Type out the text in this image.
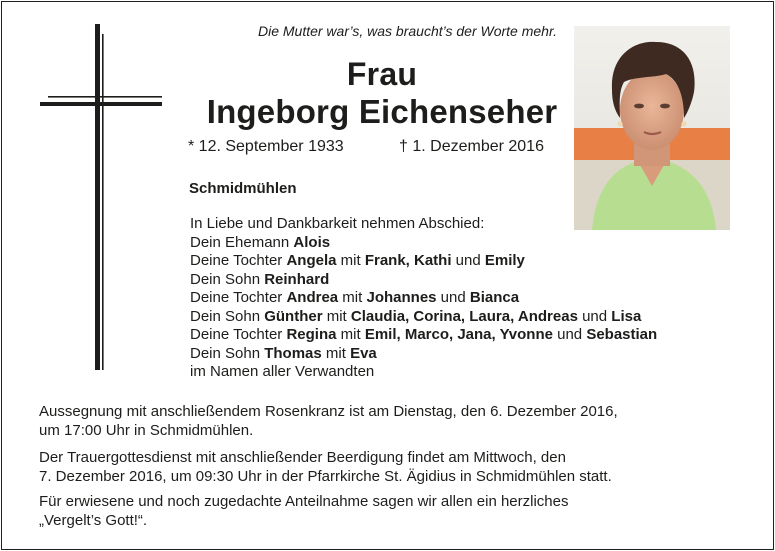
Die Mutter war’s, was braucht’s der Worte mehr.
Frau
Ingeborg Eichenseher
* 12. September 1933	† 1. Dezember 2016
Schmidmühlen
In Liebe und Dankbarkeit nehmen Abschied:
Dein Ehemann Alois
Deine Tochter Angela mit Frank, Kathi und Emily
Dein Sohn Reinhard
Deine Tochter Andrea mit Johannes und Bianca
Dein Sohn Günther mit Claudia, Corina, Laura, Andreas und Lisa
Deine Tochter Regina mit Emil, Marco, Jana, Yvonne und Sebastian
Dein Sohn Thomas mit Eva
im Namen aller Verwandten
Aussegnung mit anschließendem Rosenkranz ist am Dienstag, den 6. Dezember 2016,
um 17:00 Uhr in Schmidmühlen.
Der Trauergottesdienst mit anschließender Beerdigung findet am Mittwoch, den
7. Dezember 2016, um 09:30 Uhr in der Pfarrkirche St. Ägidius in Schmidmühlen statt.
Für erwiesene und noch zugedachte Anteilnahme sagen wir allen ein herzliches
„Vergelt’s Gott!“.
